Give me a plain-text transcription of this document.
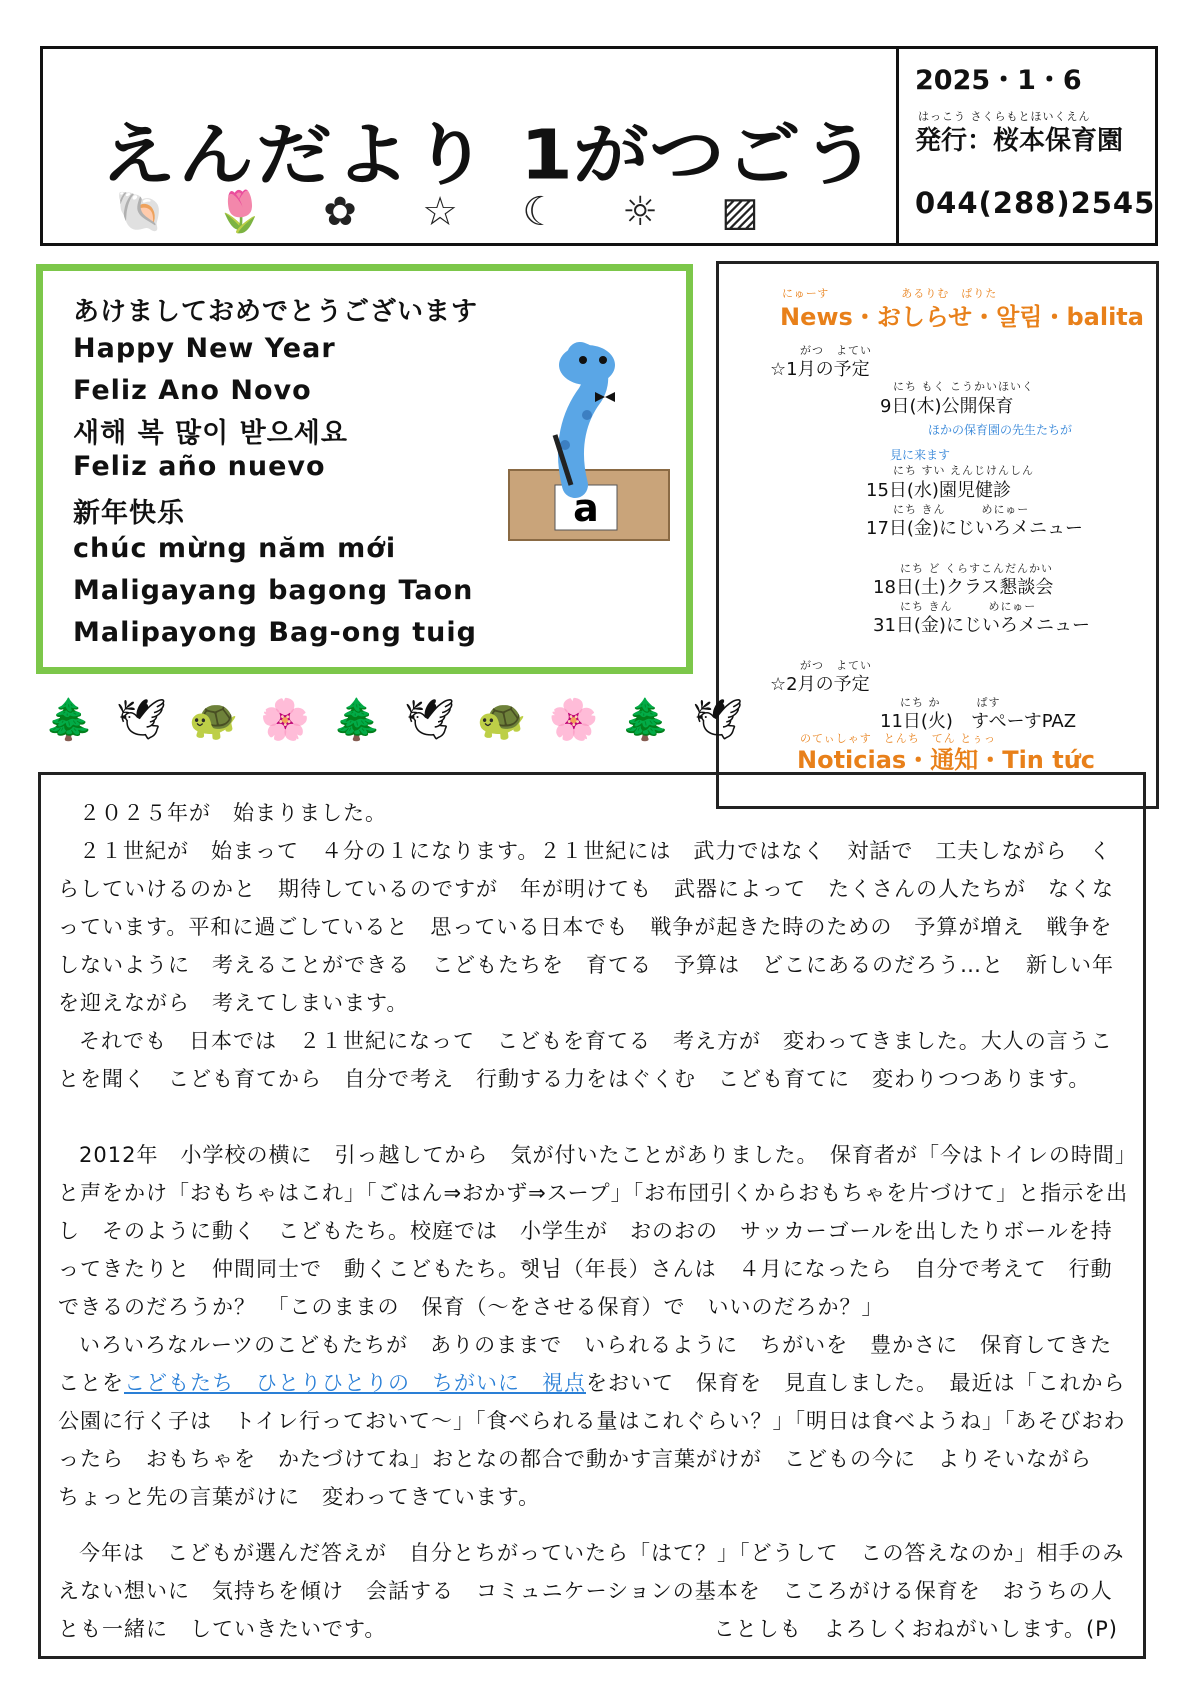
えんだより 1がつごう
2025・1・6
はっこう さくらもとほいくえん
発行：桜本保育園
044(288)2545
🐚 🌷	✿	☆	☾	☼	▨
あけましておめでとうございます
Happy New Year
Feliz Ano Novo
새해 복 많이 받으세요
Feliz año nuevo
新年快乐
chúc mừng năm mới
Maligayang bagong Taon
Malipayong Bag-ong tuig
a
にゅーす　　　　　　あるりむ　ぱりた
News・おしらせ・알림・balita
がつ　よてい
☆1月の予定
にち もく こうかいほいく
9日(木)公開保育
ほかの保育園の先生たちが
見に来ます
にち すい えんじけんしん
15日(水)園児健診
にち きん　　　めにゅー
17日(金)にじいろメニュー
にち ど くらすこんだんかい
18日(土)クラス懇談会
にち きん　　　めにゅー
31日(金)にじいろメニュー
がつ　よてい
☆2月の予定
にち か　　　ぱす
11日(火)　すぺーすPAZ
のてぃしゃす　とんち　てん とぅっ
Noticias・通知・Tin tức
🌲 🕊 🐢 🌸 🌲 🕊 🐢 🌸 🌲 🕊
２０２５年が　始まりました。
２１世紀が　始まって　４分の１になります。２１世紀には　武力ではなく　対話で　工夫しながら　くらしていけるのかと　期待しているのですが　年が明けても　武器によって　たくさんの人たちが　なくなっています。平和に過ごしていると　思っている日本でも　戦争が起きた時のための　予算が増え　戦争をしないように　考えることができる　こどもたちを　育てる　予算は　どこにあるのだろう…と　新しい年を迎えながら　考えてしまいます。
それでも　日本では　２１世紀になって　こどもを育てる　考え方が　変わってきました。大人の言うことを聞く　こども育てから　自分で考え　行動する力をはぐくむ　こども育てに　変わりつつあります。
2012年　小学校の横に　引っ越してから　気が付いたことがありました。　保育者が「今はトイレの時間」と声をかけ「おもちゃはこれ」「ごはん⇒おかず⇒スープ」「お布団引くからおもちゃを片づけて」と指示を出し　そのように動く　こどもたち。校庭では　小学生が　おのおの　サッカーゴールを出したりボールを持ってきたりと　仲間同士で　動くこどもたち。햇님（年長）さんは　４月になったら　自分で考えて　行動できるのだろうか？　「このままの　保育（～をさせる保育）で　いいのだろか？」
いろいろなルーツのこどもたちが　ありのままで　いられるように　ちがいを　豊かさに　保育してきたことをこどもたち　ひとりひとりの　ちがいに　視点をおいて　保育を　見直しました。　最近は「これから　公園に行く子は　トイレ行っておいて～」「食べられる量はこれぐらい？」「明日は食べようね」「あそびおわったら　おもちゃを　かたづけてね」おとなの都合で動かす言葉がけが　こどもの今に　よりそいながら　ちょっと先の言葉がけに　変わってきています。
今年は　こどもが選んだ答えが　自分とちがっていたら「はて？」「どうして　この答えなのか」相手のみえない想いに　気持ちを傾け　会話する　コミュニケーションの基本を　こころがける保育を　おうちの人とも一緒に　していきたいです。	ことしも　よろしくおねがいします。(P)
